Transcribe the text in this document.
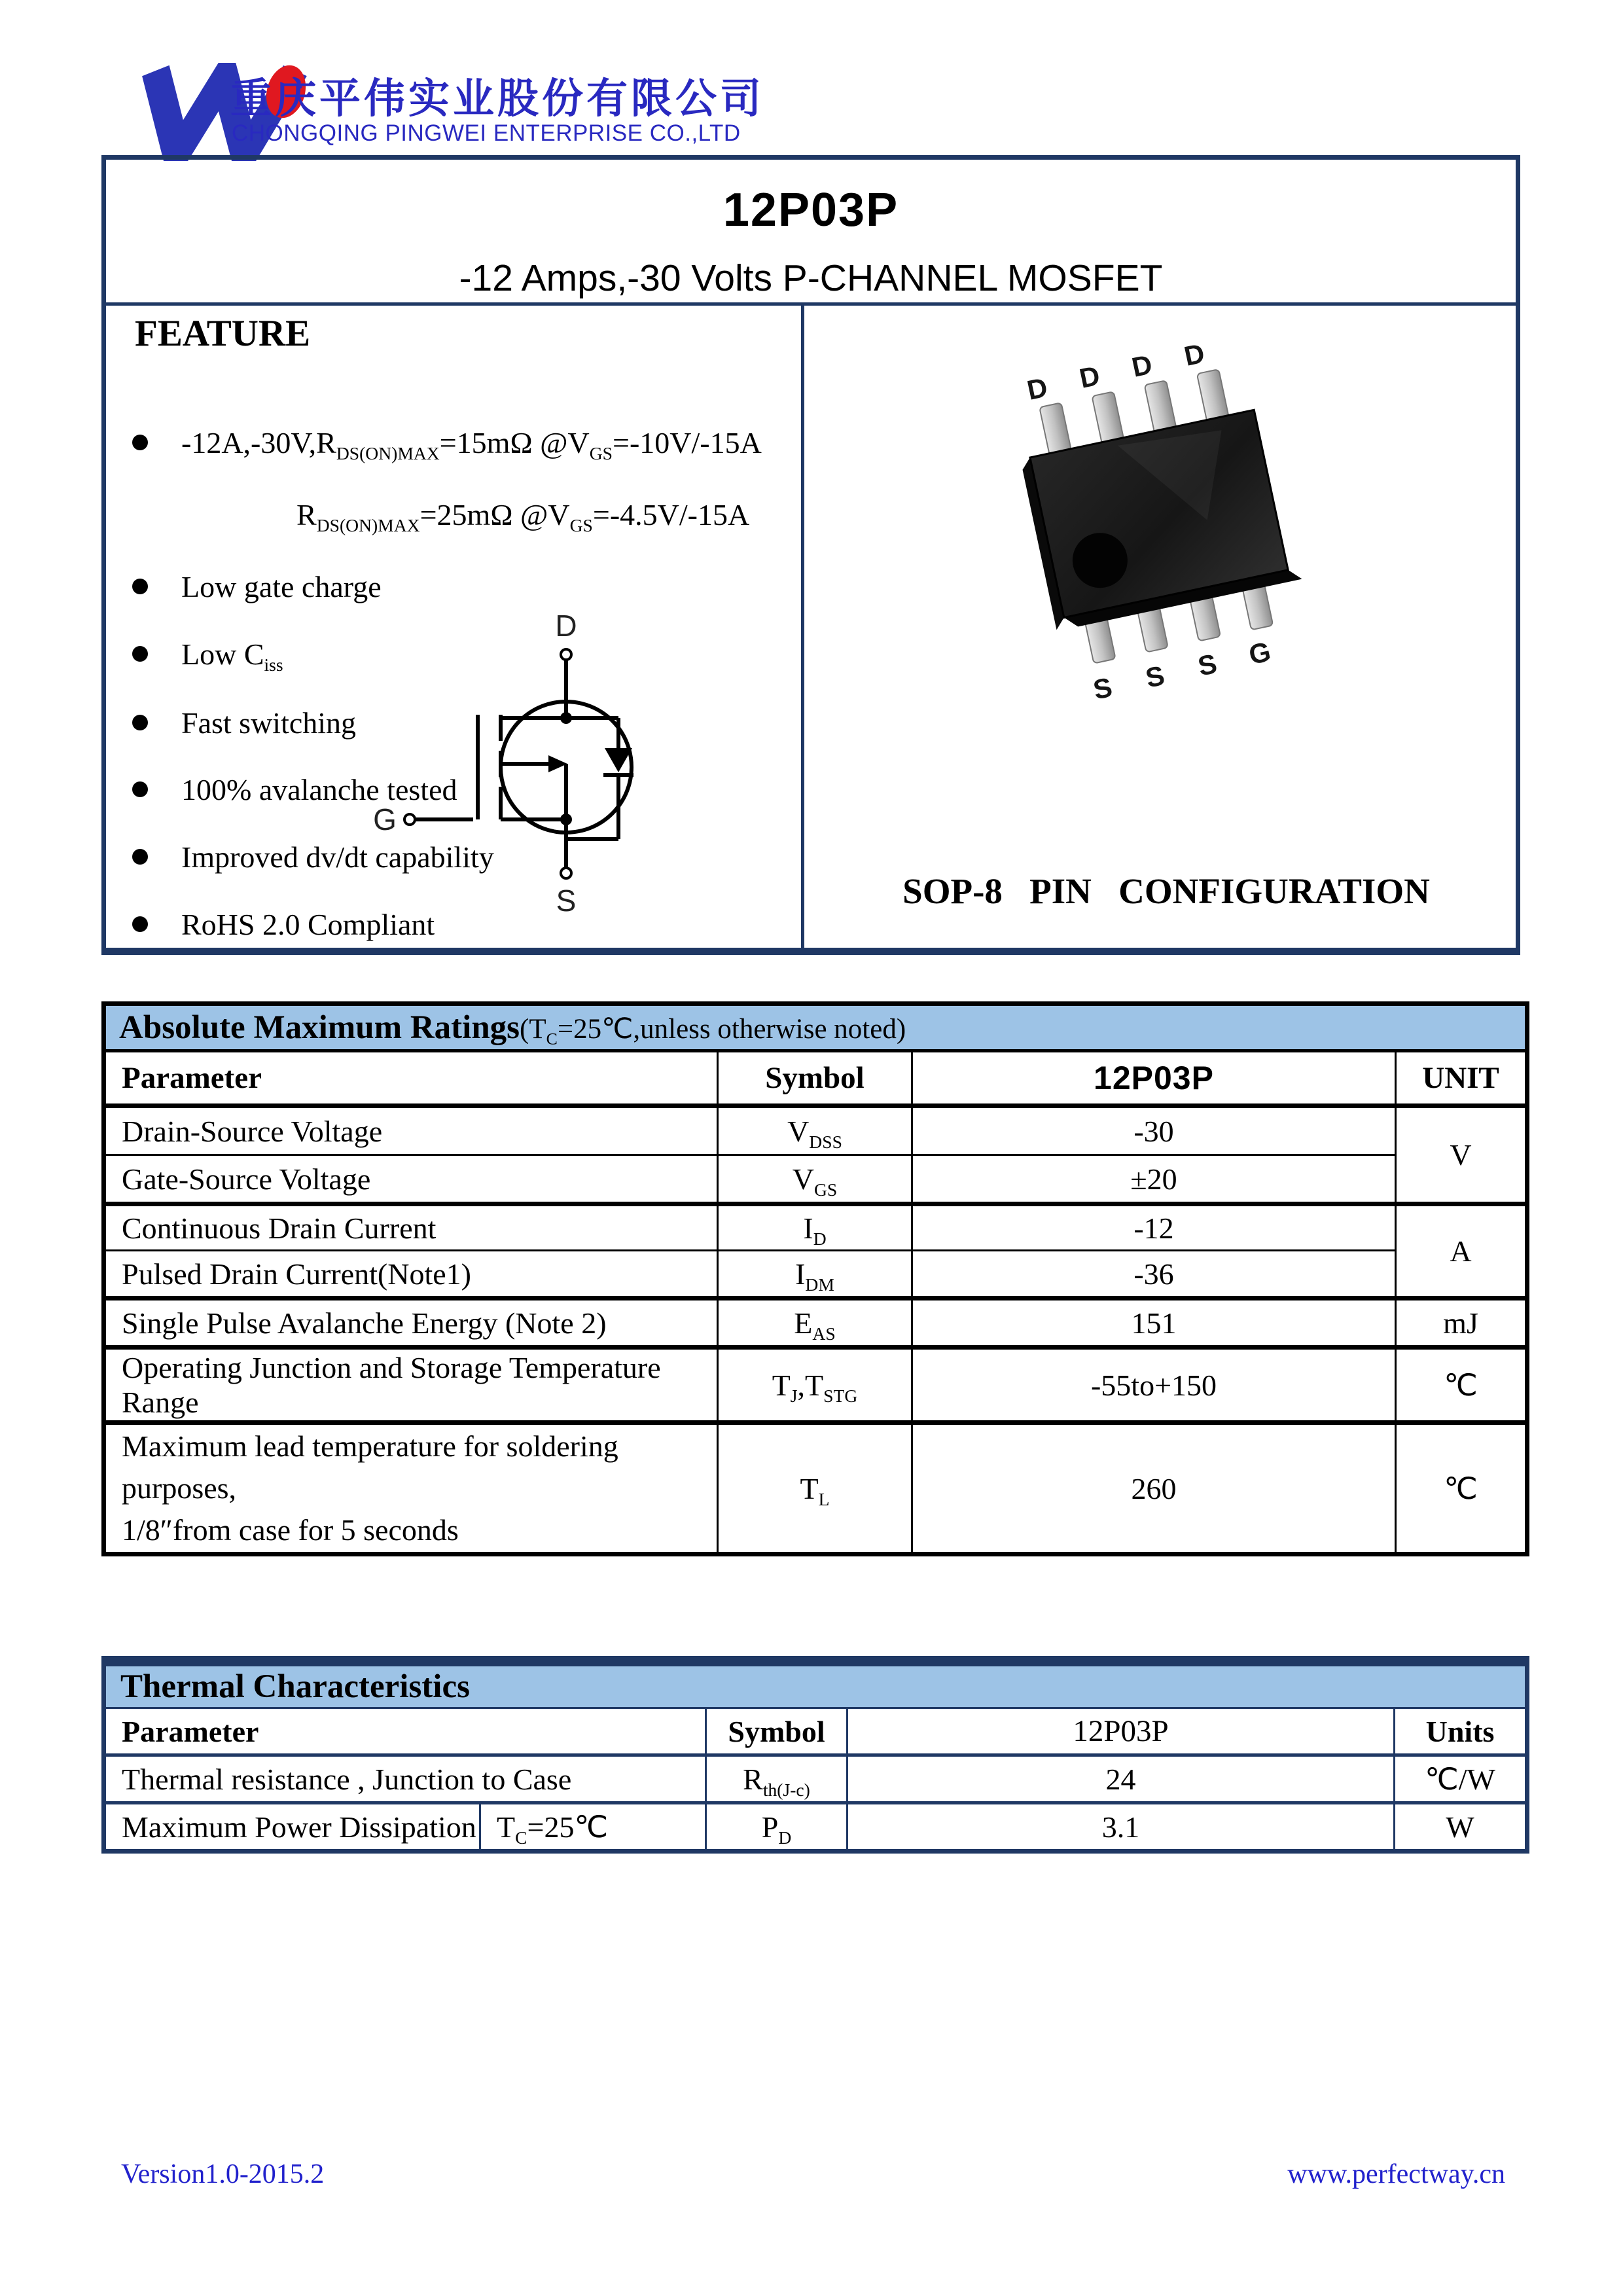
重庆平伟实业股份有限公司
CHONGQING PINGWEI ENTERPRISE CO.,LTD
12P03P
-12 Amps,-30 Volts P-CHANNEL MOSFET
FEATURE
$-12A,-30V,R_{DS(ON)MAX}=15m\Omega$ $@V_{GS}=-10V/-15A$
$R_{DS(ON)MAX}=25m\Omega$ $@V_{GS}=-4.5V/-15A$
Low gate charge
Low $C_{iss}$
Fast switching
100% avalanche tested
Improved dv/dt capability
RoHS 2.0 Compliant
D
G
S
D D D D
S S S G
SOP-8   PIN   CONFIGURATION
Absolute Maximum $Ratings(T_C=25℃,unless$ otherwise noted)			
Parameter	Symbol	12P03P	UNIT
Drain-Source Voltage	$V_{DSS}$	-30	V
Gate-Source Voltage	$V_{GS}$	±20	
Continuous Drain Current	$I_D$	-12	A
Pulsed Drain Current(Note1)	$I_{DM}$	-36	
Single Pulse Avalanche Energy (Note 2)	$E_{AS}$	151	mJ
Operating Junction and Storage Temperature Range	$T_J,T_{STG}$	-55to+150	℃

Maximum lead temperature for soldering purposes,
1/8″from case for 5 seconds	$T_L$	260	℃
Thermal Characteristics				
Parameter		Symbol	12P03P	Units
Thermal resistance , Junction to Case		$R_{th(J-c)}$	24	℃/W
Maximum Power Dissipation	$T_C=25℃$	$P_D$	3.1	W
Version1.0-2015.2	www.perfectway.cn
